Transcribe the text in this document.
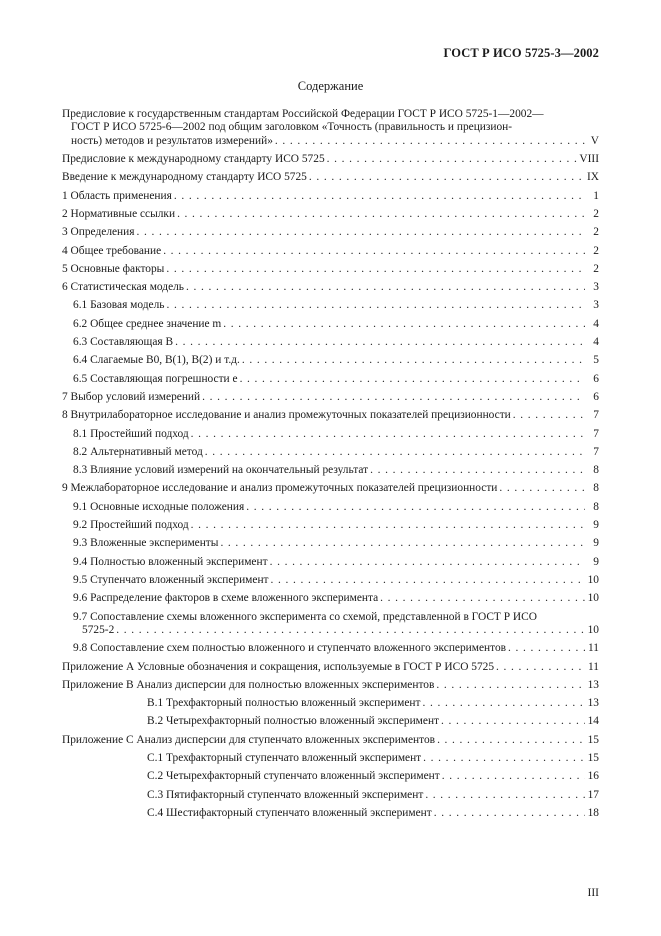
ГОСТ Р ИСО 5725-3—2002
Содержание
Предисловие к государственным стандартам Российской Федерации ГОСТ Р ИСО 5725-1—2002—
ГОСТ Р ИСО 5725-6—2002 под общим заголовком «Точность (правильность и прецизион-
ность) методов и результатов измерений» . . .	V
Предисловие к международному стандарту ИСО 5725 . . .	VIII
Введение к международному стандарту ИСО 5725 . . .	IX
1 Область применения . . .	1
2 Нормативные ссылки . . .	2
3 Определения . . .	2
4 Общее требование . . .	2
5 Основные факторы . . .	2
6 Статистическая модель . . .	3
6.1 Базовая модель . . .	3
6.2 Общее среднее значение m . . .	4
6.3 Составляющая B . . .	4
6.4 Слагаемые B0, B(1), B(2) и т.д. . . .	5
6.5 Составляющая погрешности e . . .	6
7 Выбор условий измерений . . .	6
8 Внутрилабораторное исследование и анализ промежуточных показателей прецизионности . . .	7
8.1 Простейший подход . . .	7
8.2 Альтернативный метод . . .	7
8.3 Влияние условий измерений на окончательный результат . . .	8
9 Межлабораторное исследование и анализ промежуточных показателей прецизионности . . .	8
9.1 Основные исходные положения . . .	8
9.2 Простейший подход . . .	9
9.3 Вложенные эксперименты . . .	9
9.4 Полностью вложенный эксперимент . . .	9
9.5 Ступенчато вложенный эксперимент . . .	10
9.6 Распределение факторов в схеме вложенного эксперимента . . .	10
9.7 Сопоставление схемы вложенного эксперимента со схемой, представленной в ГОСТ Р ИСО
5725-2 . . .	10
9.8 Сопоставление схем полностью вложенного и ступенчато вложенного экспериментов . . .	11
Приложение А Условные обозначения и сокращения, используемые в ГОСТ Р ИСО 5725 . . .	11
Приложение В Анализ дисперсии для полностью вложенных экспериментов . . .	13
В.1 Трехфакторный полностью вложенный эксперимент . . .	13
В.2 Четырехфакторный полностью вложенный эксперимент . . .	14
Приложение С Анализ дисперсии для ступенчато вложенных экспериментов . . .	15
С.1 Трехфакторный ступенчато вложенный эксперимент . . .	15
С.2 Четырехфакторный ступенчато вложенный эксперимент . . .	16
С.3 Пятифакторный ступенчато вложенный эксперимент . . .	17
С.4 Шестифакторный ступенчато вложенный эксперимент . . .	18
III
